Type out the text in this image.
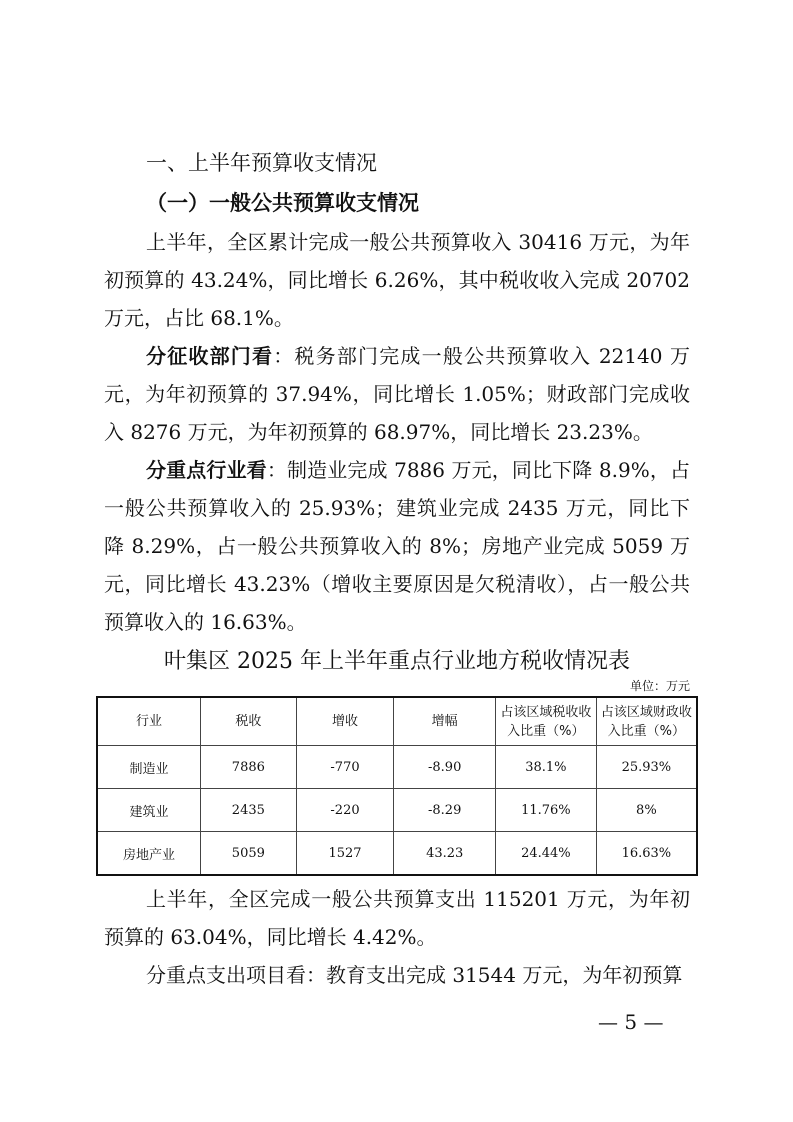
一、上半年预算收支情况
（一）一般公共预算收支情况

上半年，全区累计完成一般公共预算收入 30416 万元，为年初预算的 43.24%，同比增长 6.26%，其中税收收入完成 20702 万元，占比 68.1%。

分征收部门看：税务部门完成一般公共预算收入 22140 万元，为年初预算的 37.94%，同比增长 1.05%；财政部门完成收入 8276 万元，为年初预算的 68.97%，同比增长 23.23%。

分重点行业看：制造业完成 7886 万元，同比下降 8.9%，占一般公共预算收入的 25.93%；建筑业完成 2435 万元，同比下降 8.29%，占一般公共预算收入的 8%；房地产业完成 5059 万元，同比增长 43.23%（增收主要原因是欠税清收），占一般公共预算收入的 16.63%。

叶集区 2025 年上半年重点行业地方税收情况表
单位：万元
行业	税收	增收	增幅	占该区域税收收入比重（%）	占该区域财政收入比重（%）
制造业	7886	-770	-8.90	38.1%	25.93%
建筑业	2435	-220	-8.29	11.76%	8%
房地产业	5059	1527	43.23	24.44%	16.63%

上半年，全区完成一般公共预算支出 115201 万元，为年初预算的 63.04%，同比增长 4.42%。

分重点支出项目看：教育支出完成 31544 万元，为年初预算

— 5 —
